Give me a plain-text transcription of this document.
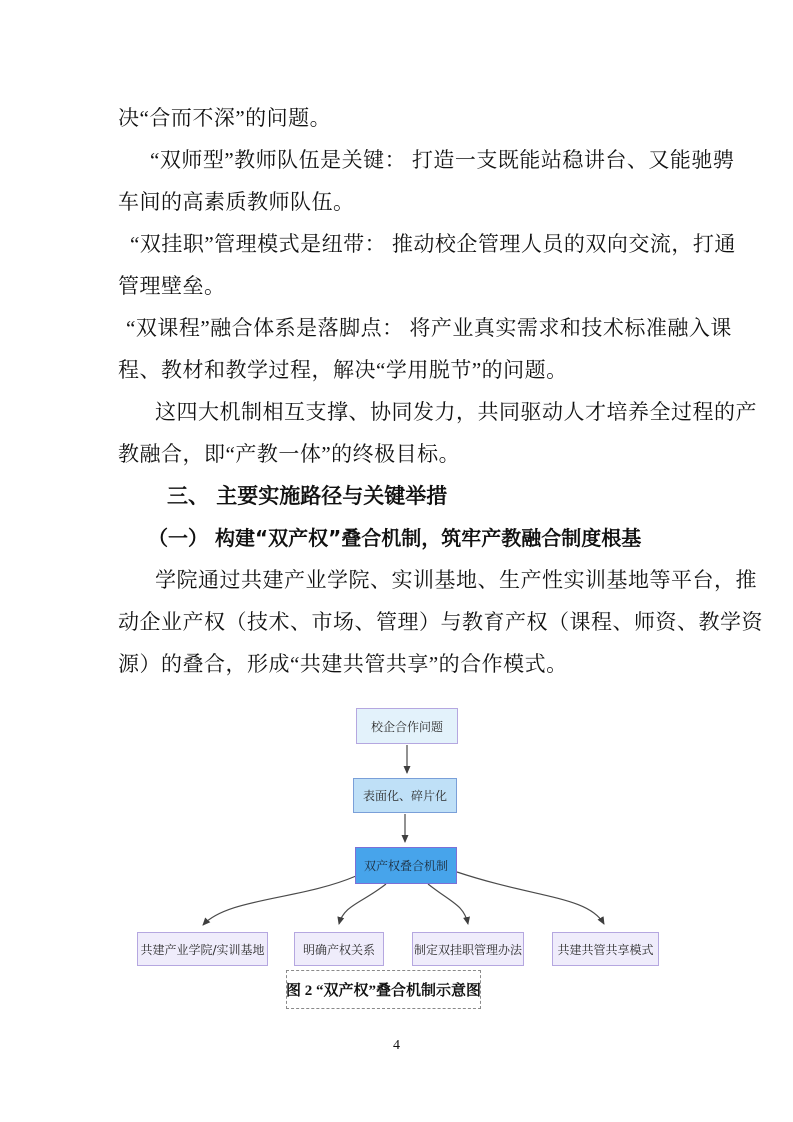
决“合而不深”的问题。
“双师型”教师队伍是关键： 打造一支既能站稳讲台、又能驰骋
车间的高素质教师队伍。
“双挂职”管理模式是纽带： 推动校企管理人员的双向交流，打通
管理壁垒。
“双课程”融合体系是落脚点： 将产业真实需求和技术标准融入课
程、教材和教学过程，解决“学用脱节”的问题。
这四大机制相互支撑、协同发力，共同驱动人才培养全过程的产
教融合，即“产教一体”的终极目标。
三、 主要实施路径与关键举措
（一） 构建“双产权”叠合机制，筑牢产教融合制度根基
学院通过共建产业学院、实训基地、生产性实训基地等平台，推
动企业产权（技术、市场、管理）与教育产权（课程、师资、教学资
源）的叠合，形成“共建共管共享”的合作模式。
校企合作问题
表面化、碎片化
双产权叠合机制
共建产业学院/实训基地	明确产权关系	制定双挂职管理办法	共建共管共享模式
图 2 “双产权”叠合机制示意图
4
